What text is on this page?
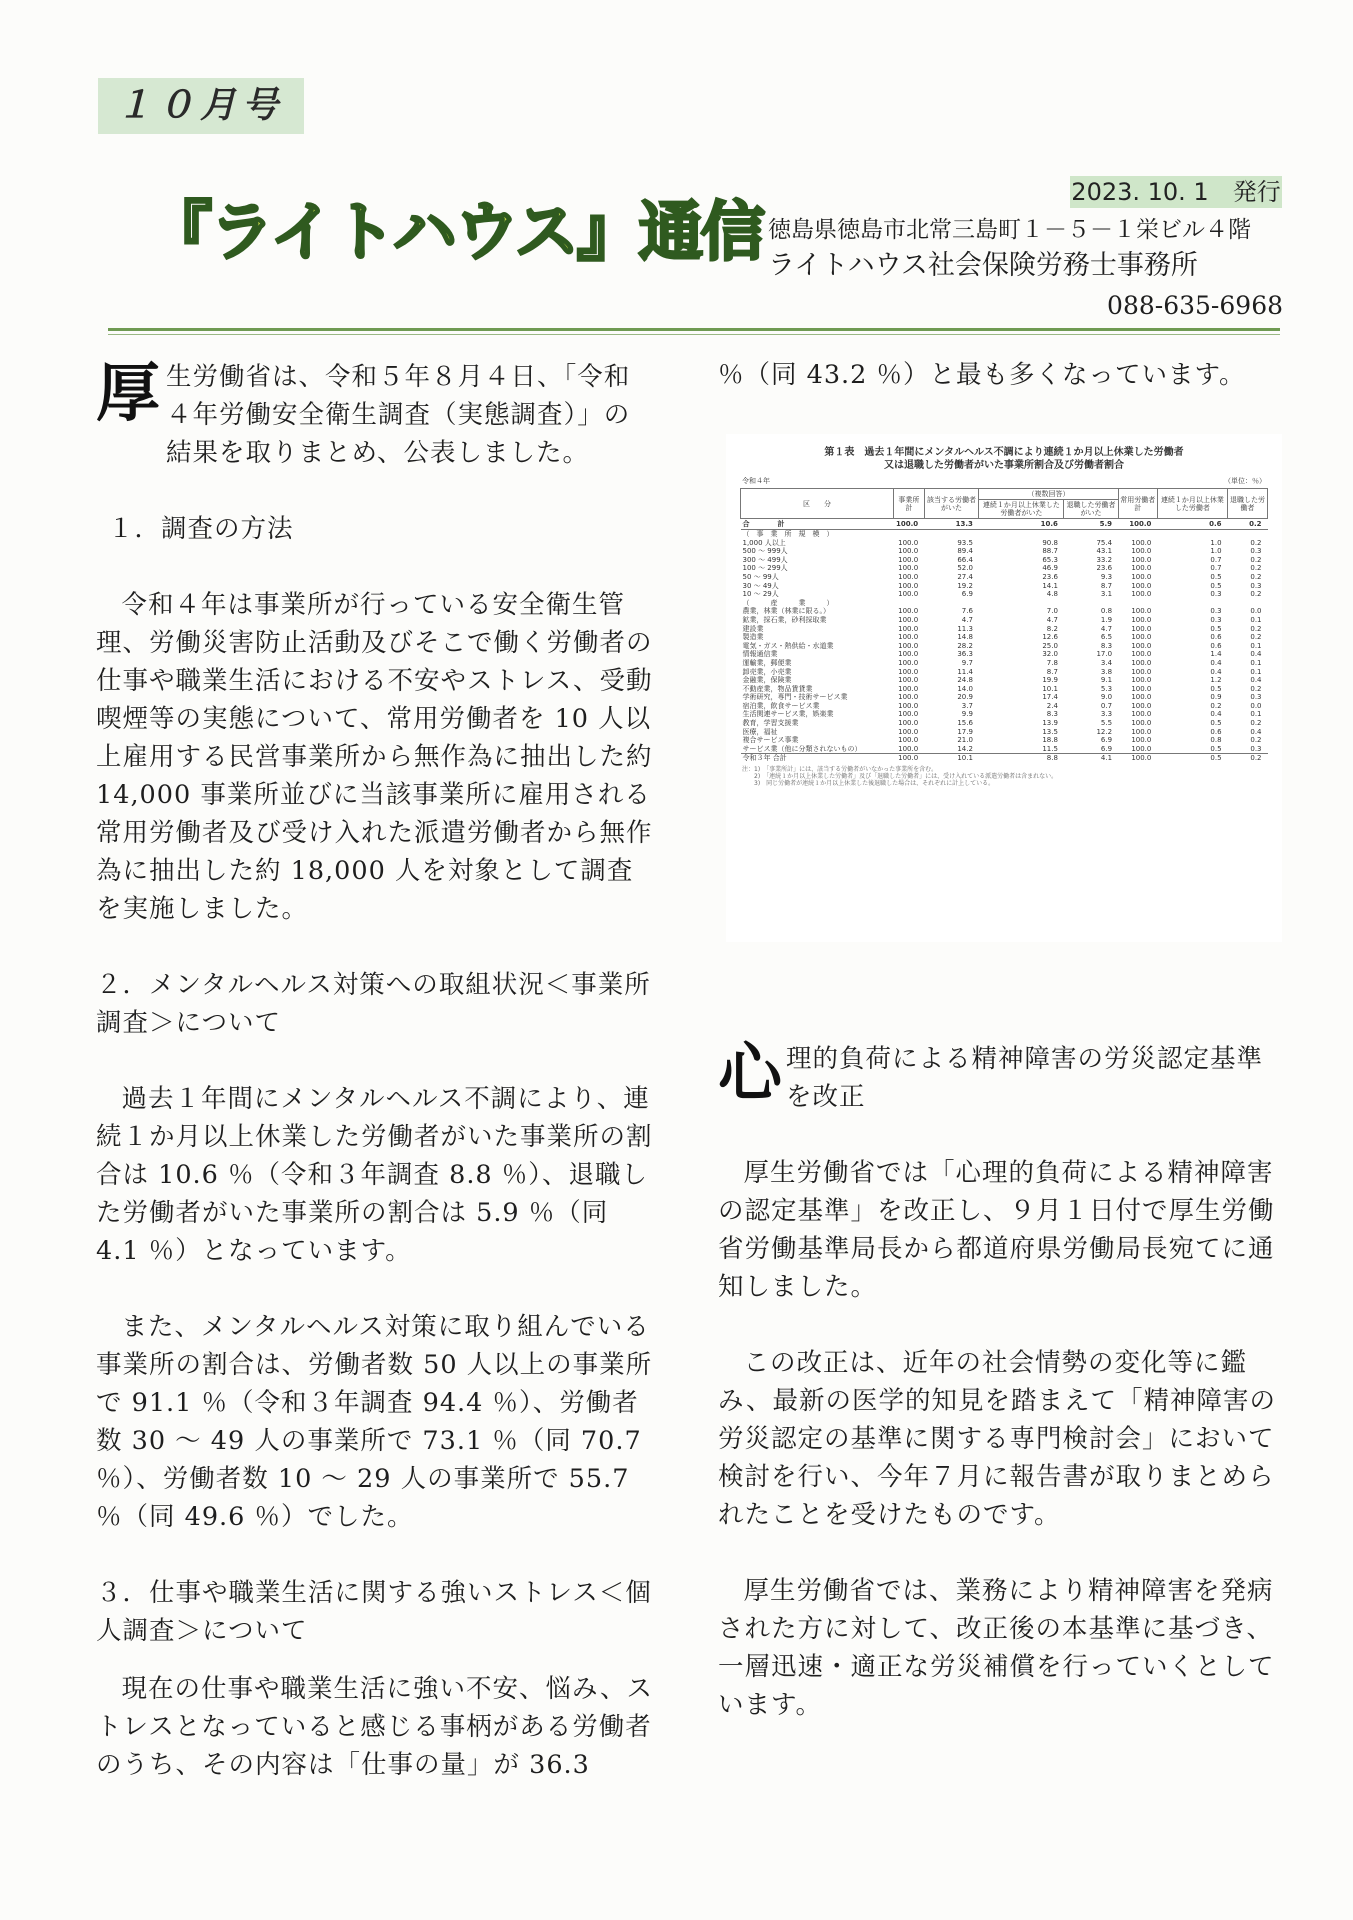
１０月号
『ライトハウス』通信
2023. 10. 1　発行
徳島県徳島市北常三島町１－５－１栄ビル４階
ライトハウス社会保険労務士事務所
088-635-6968

厚 生労働省は、令和５年８月４日、「令和４年労働安全衛生調査（実態調査）」の結果を取りまとめ、公表しました。

１．調査の方法

令和４年は事業所が行っている安全衛生管理、労働災害防止活動及びそこで働く労働者の仕事や職業生活における不安やストレス、受動喫煙等の実態について、常用労働者を 10 人以上雇用する民営事業所から無作為に抽出した約 14,000 事業所並びに当該事業所に雇用される常用労働者及び受け入れた派遣労働者から無作為に抽出した約 18,000 人を対象として調査を実施しました。

２．メンタルヘルス対策への取組状況＜事業所調査＞について

過去１年間にメンタルヘルス不調により、連続１か月以上休業した労働者がいた事業所の割合は 10.6 ％（令和３年調査 8.8 ％）、退職した労働者がいた事業所の割合は 5.9 ％（同 4.1 ％）となっています。

また、メンタルヘルス対策に取り組んでいる事業所の割合は、労働者数 50 人以上の事業所で 91.1 ％（令和３年調査 94.4 ％）、労働者数 30 ～ 49 人の事業所で 73.1 ％（同 70.7 ％）、労働者数 10 ～ 29 人の事業所で 55.7 ％（同 49.6 ％）でした。

３．仕事や職業生活に関する強いストレス＜個人調査＞について

現在の仕事や職業生活に強い不安、悩み、ストレスとなっていると感じる事柄がある労働者のうち、その内容は「仕事の量」が 36.3

％（同 43.2 ％）と最も多くなっています。

第１表　過去１年間にメンタルヘルス不調により連続１か月以上休業した労働者
又は退職した労働者がいた事業所割合及び労働者割合
令和４年	（単位：％）
区　　分	事業所計	該当する労働者がいた	（複数回答）		常用労働者計	連続１か月以上休業した労働者	退職した労働者
			連続１か月以上休業した労働者がいた	退職した労働者がいた			
合　　　　計	100.0	13.3	10.6	5.9	100.0	0.6	0.2
（　事　業　所　規　模　）							
1,000 人以上	100.0	93.5	90.8	75.4	100.0	1.0	0.2
500 ～ 999人	100.0	89.4	88.7	43.1	100.0	1.0	0.3
300 ～ 499人	100.0	66.4	65.3	33.2	100.0	0.7	0.2
100 ～ 299人	100.0	52.0	46.9	23.6	100.0	0.7	0.2
50 ～ 99人	100.0	27.4	23.6	9.3	100.0	0.5	0.2
30 ～ 49人	100.0	19.2	14.1	8.7	100.0	0.5	0.3
10 ～ 29人	100.0	6.9	4.8	3.1	100.0	0.3	0.2
（　　　産　　　業　　　）							
農業，林業（林業に限る。）	100.0	7.6	7.0	0.8	100.0	0.3	0.0
鉱業，採石業，砂利採取業	100.0	4.7	4.7	1.9	100.0	0.3	0.1
建設業	100.0	11.3	8.2	4.7	100.0	0.5	0.2
製造業	100.0	14.8	12.6	6.5	100.0	0.6	0.2
電気・ガス・熱供給・水道業	100.0	28.2	25.0	8.3	100.0	0.6	0.1
情報通信業	100.0	36.3	32.0	17.0	100.0	1.4	0.4
運輸業，郵便業	100.0	9.7	7.8	3.4	100.0	0.4	0.1
卸売業，小売業	100.0	11.4	8.7	3.8	100.0	0.4	0.1
金融業，保険業	100.0	24.8	19.9	9.1	100.0	1.2	0.4
不動産業，物品賃貸業	100.0	14.0	10.1	5.3	100.0	0.5	0.2
学術研究，専門・技術サービス業	100.0	20.9	17.4	9.0	100.0	0.9	0.3
宿泊業，飲食サービス業	100.0	3.7	2.4	0.7	100.0	0.2	0.0
生活関連サービス業，娯楽業	100.0	9.9	8.3	3.3	100.0	0.4	0.1
教育，学習支援業	100.0	15.6	13.9	5.5	100.0	0.5	0.2
医療，福祉	100.0	17.9	13.5	12.2	100.0	0.6	0.4
複合サービス事業	100.0	21.0	18.8	6.9	100.0	0.8	0.2
サービス業（他に分類されないもの）	100.0	14.2	11.5	6.9	100.0	0.5	0.3
令和３年 合計	100.0	10.1	8.8	4.1	100.0	0.5	0.2
注：1)　「事業所計」には、該当する労働者がいなかった事業所を含む。
　　2)　「連続１か月以上休業した労働者」及び「退職した労働者」には、受け入れている派遣労働者は含まれない。
　　3)　同じ労働者が連続１か月以上休業した後退職した場合は、それぞれに計上している。

心 理的負荷による精神障害の労災認定基準を改正

厚生労働省では「心理的負荷による精神障害の認定基準」を改正し、９月１日付で厚生労働省労働基準局長から都道府県労働局長宛てに通知しました。

この改正は、近年の社会情勢の変化等に鑑み、最新の医学的知見を踏まえて「精神障害の労災認定の基準に関する専門検討会」において検討を行い、今年７月に報告書が取りまとめられたことを受けたものです。

厚生労働省では、業務により精神障害を発病された方に対して、改正後の本基準に基づき、一層迅速・適正な労災補償を行っていくとしています。
